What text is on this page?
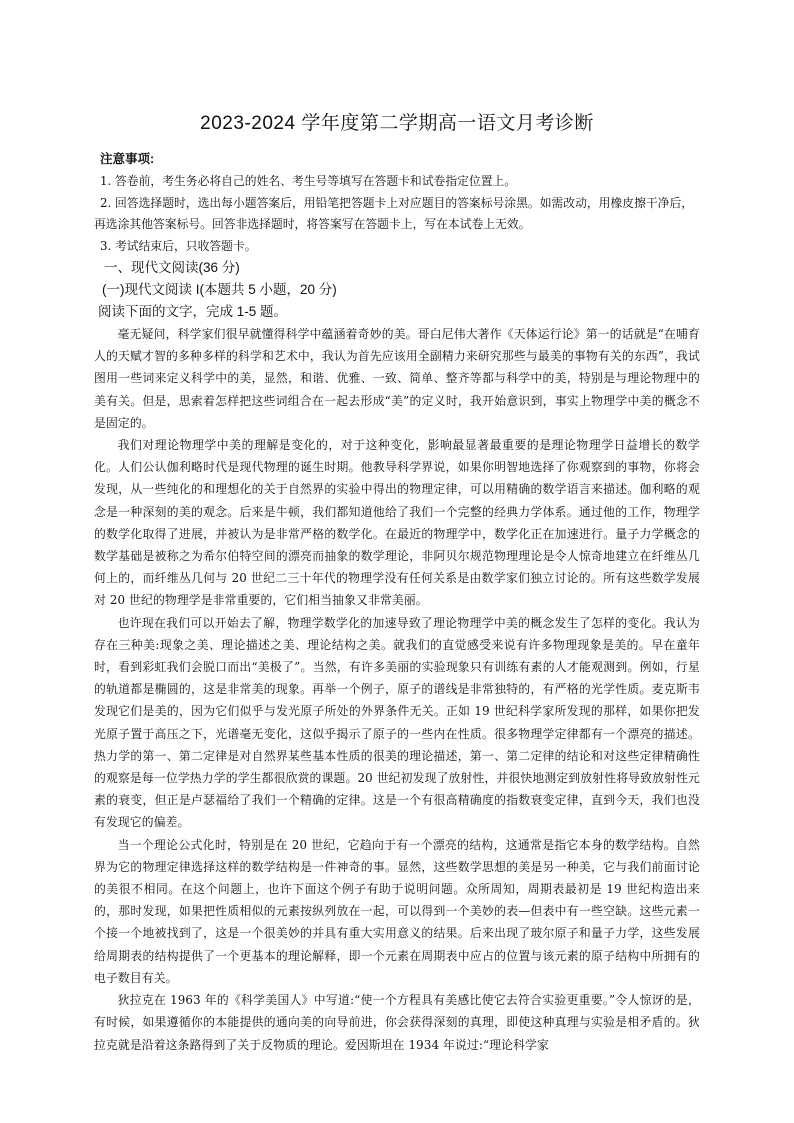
2023-2024 学年度第二学期高一语文月考诊断
注意事项:

1. 答卷前，考生务必将自己的姓名、考生号等填写在答题卡和试卷指定位置上。

2. 回答选择题时，选出每小题答案后，用铅笔把答题卡上对应题目的答案标号涂黑。如需改动，用橡皮擦干净后，再选涂其他答案标号。回答非选择题时，将答案写在答题卡上，写在本试卷上无效。

3. 考试结束后，只收答题卡。

一、现代文阅读(36 分)
(一)现代文阅读 I(本题共 5 小题，20 分)
阅读下面的文字，完成 1-5 题。

毫无疑问，科学家们很早就懂得科学中蕴涵着奇妙的美。哥白尼伟大著作《天体运行论》第一的话就是“在哺育人的天赋才智的多种多样的科学和艺术中，我认为首先应该用全副精力来研究那些与最美的事物有关的东西”，我试图用一些词来定义科学中的美，显然，和谐、优雅、一致、简单、整齐等都与科学中的美，特别是与理论物理中的美有关。但是，思索着怎样把这些词组合在一起去形成“美”的定义时，我开始意识到，事实上物理学中美的概念不是固定的。

我们对理论物理学中美的理解是变化的，对于这种变化，影响最显著最重要的是理论物理学日益增长的数学化。人们公认伽利略时代是现代物理的诞生时期。他教导科学界说，如果你明智地选择了你观察到的事物，你将会发现，从一些纯化的和理想化的关于自然界的实验中得出的物理定律，可以用精确的数学语言来描述。伽利略的观念是一种深刻的美的观念。后来是牛顿，我们都知道他给了我们一个完整的经典力学体系。通过他的工作，物理学的数学化取得了进展，并被认为是非常严格的数学化。在最近的物理学中，数学化正在加速进行。量子力学概念的数学基础是被称之为希尔伯特空间的漂亮而抽象的数学理论，非阿贝尔规范物理理论是令人惊奇地建立在纤维丛几何上的，而纤维丛几何与 20 世纪二三十年代的物理学没有任何关系是由数学家们独立讨论的。所有这些数学发展对 20 世纪的物理学是非常重要的，它们相当抽象又非常美丽。

也许现在我们可以开始去了解，物理学数学化的加速导致了理论物理学中美的概念发生了怎样的变化。我认为存在三种美:现象之美、理论描述之美、理论结构之美。就我们的直觉感受来说有许多物理现象是美的。早在童年时，看到彩虹我们会脱口而出“美极了”。当然，有许多美丽的实验现象只有训练有素的人才能观测到。例如，行星的轨道都是椭圆的，这是非常美的现象。再举一个例子，原子的谱线是非常独特的，有严格的光学性质。麦克斯韦发现它们是美的，因为它们似乎与发光原子所处的外界条件无关。正如 19 世纪科学家所发现的那样，如果你把发光原子置于高压之下，光谱毫无变化，这似乎揭示了原子的一些内在性质。很多物理学定律都有一个漂亮的描述。热力学的第一、第二定律是对自然界某些基本性质的很美的理论描述，第一、第二定律的结论和对这些定律精确性的观察是每一位学热力学的学生都很欣赏的课题。20 世纪初发现了放射性，并很快地测定到放射性将导致放射性元素的衰变，但正是卢瑟福给了我们一个精确的定律。这是一个有很高精确度的指数衰变定律，直到今天，我们也没有发现它的偏差。

当一个理论公式化时，特别是在 20 世纪，它趋向于有一个漂亮的结构，这通常是指它本身的数学结构。自然界为它的物理定律选择这样的数学结构是一件神奇的事。显然，这些数学思想的美是另一种美，它与我们前面讨论的美很不相同。在这个问题上，也许下面这个例子有助于说明问题。众所周知，周期表最初是 19 世纪构造出来的，那时发现，如果把性质相似的元素按纵列放在一起，可以得到一个美妙的表—但表中有一些空缺。这些元素一个接一个地被找到了，这是一个很美妙的并具有重大实用意义的结果。后来出现了玻尔原子和量子力学，这些发展给周期表的结构提供了一个更基本的理论解释，即一个元素在周期表中应占的位置与该元素的原子结构中所拥有的电子数目有关。

狄拉克在 1963 年的《科学美国人》中写道:“使一个方程具有美感比使它去符合实验更重要。”令人惊讶的是，有时候，如果遵循你的本能提供的通向美的向导前进，你会获得深刻的真理，即使这种真理与实验是相矛盾的。狄拉克就是沿着这条路得到了关于反物质的理论。爱因斯坦在 1934 年说过:“理论科学家
